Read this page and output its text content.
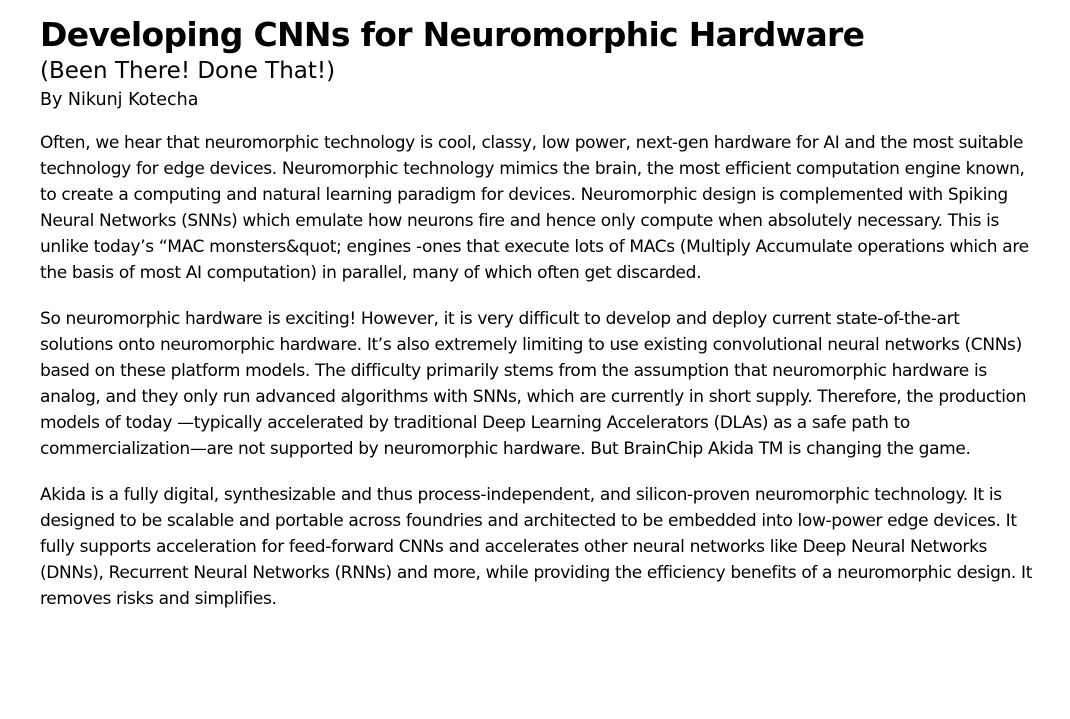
Developing CNNs for Neuromorphic Hardware
(Been There! Done That!)

By Nikunj Kotecha

Often, we hear that neuromorphic technology is cool, classy, low power, next-gen hardware for AI and the most suitable technology for edge devices. Neuromorphic technology mimics the brain, the most efficient computation engine known, to create a computing and natural learning paradigm for devices. Neuromorphic design is complemented with Spiking Neural Networks (SNNs) which emulate how neurons fire and hence only compute when absolutely necessary. This is unlike today’s “MAC monsters&quot; engines -ones that execute lots of MACs (Multiply Accumulate operations which are the basis of most AI computation) in parallel, many of which often get discarded.

So neuromorphic hardware is exciting! However, it is very difficult to develop and deploy current state-of-the-art solutions onto neuromorphic hardware. It’s also extremely limiting to use existing convolutional neural networks (CNNs) based on these platform models. The difficulty primarily stems from the assumption that neuromorphic hardware is analog, and they only run advanced algorithms with SNNs, which are currently in short supply. Therefore, the production models of today —typically accelerated by traditional Deep Learning Accelerators (DLAs) as a safe path to commercialization—are not supported by neuromorphic hardware. But BrainChip Akida TM is changing the game.

Akida is a fully digital, synthesizable and thus process-independent, and silicon-proven neuromorphic technology. It is designed to be scalable and portable across foundries and architected to be embedded into low-power edge devices. It fully supports acceleration for feed-forward CNNs and accelerates other neural networks like Deep Neural Networks (DNNs), Recurrent Neural Networks (RNNs) and more, while providing the efficiency benefits of a neuromorphic design. It removes risks and simplifies.
